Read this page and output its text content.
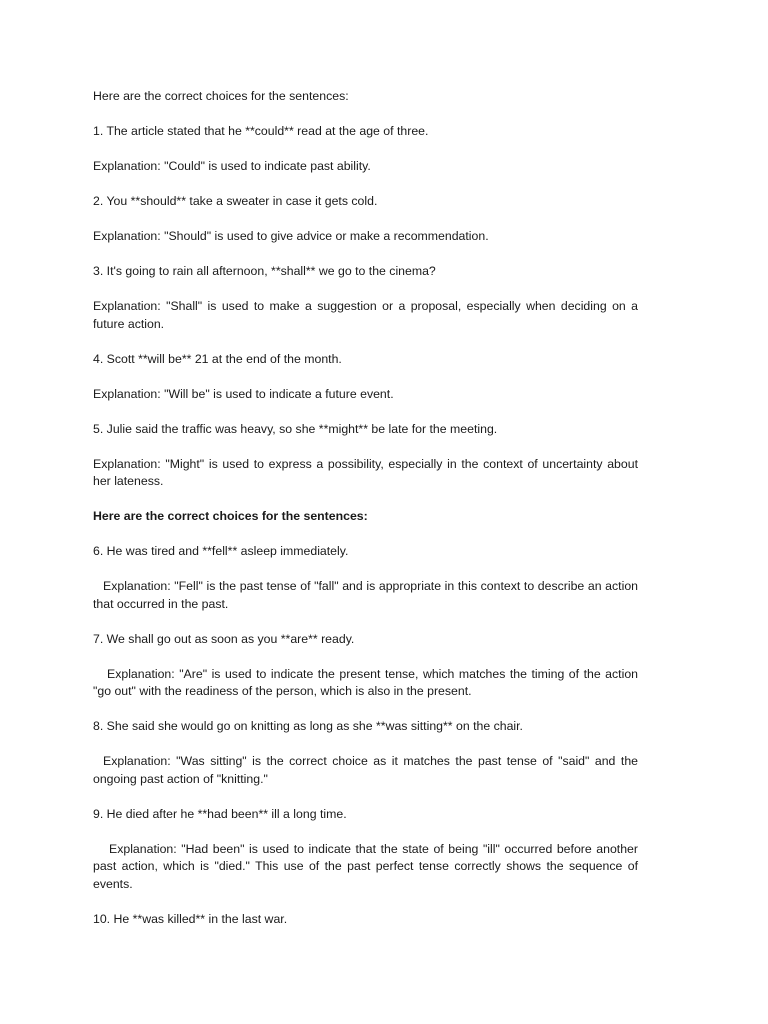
Here are the correct choices for the sentences:

1. The article stated that he **could** read at the age of three.

Explanation: "Could" is used to indicate past ability.

2. You **should** take a sweater in case it gets cold.

Explanation: "Should" is used to give advice or make a recommendation.

3. It's going to rain all afternoon, **shall** we go to the cinema?

Explanation: "Shall" is used to make a suggestion or a proposal, especially when deciding on a future action.

4. Scott **will be** 21 at the end of the month.

Explanation: "Will be" is used to indicate a future event.

5. Julie said the traffic was heavy, so she **might** be late for the meeting.

Explanation: "Might" is used to express a possibility, especially in the context of uncertainty about her lateness.

Here are the correct choices for the sentences:

6. He was tired and **fell** asleep immediately.

Explanation: "Fell" is the past tense of "fall" and is appropriate in this context to describe an action that occurred in the past.

7. We shall go out as soon as you **are** ready.

Explanation: "Are" is used to indicate the present tense, which matches the timing of the action "go out" with the readiness of the person, which is also in the present.

8. She said she would go on knitting as long as she **was sitting** on the chair.

Explanation: "Was sitting" is the correct choice as it matches the past tense of "said" and the ongoing past action of "knitting."

9. He died after he **had been** ill a long time.

Explanation: "Had been" is used to indicate that the state of being "ill" occurred before another past action, which is "died." This use of the past perfect tense correctly shows the sequence of events.

10. He **was killed** in the last war.
